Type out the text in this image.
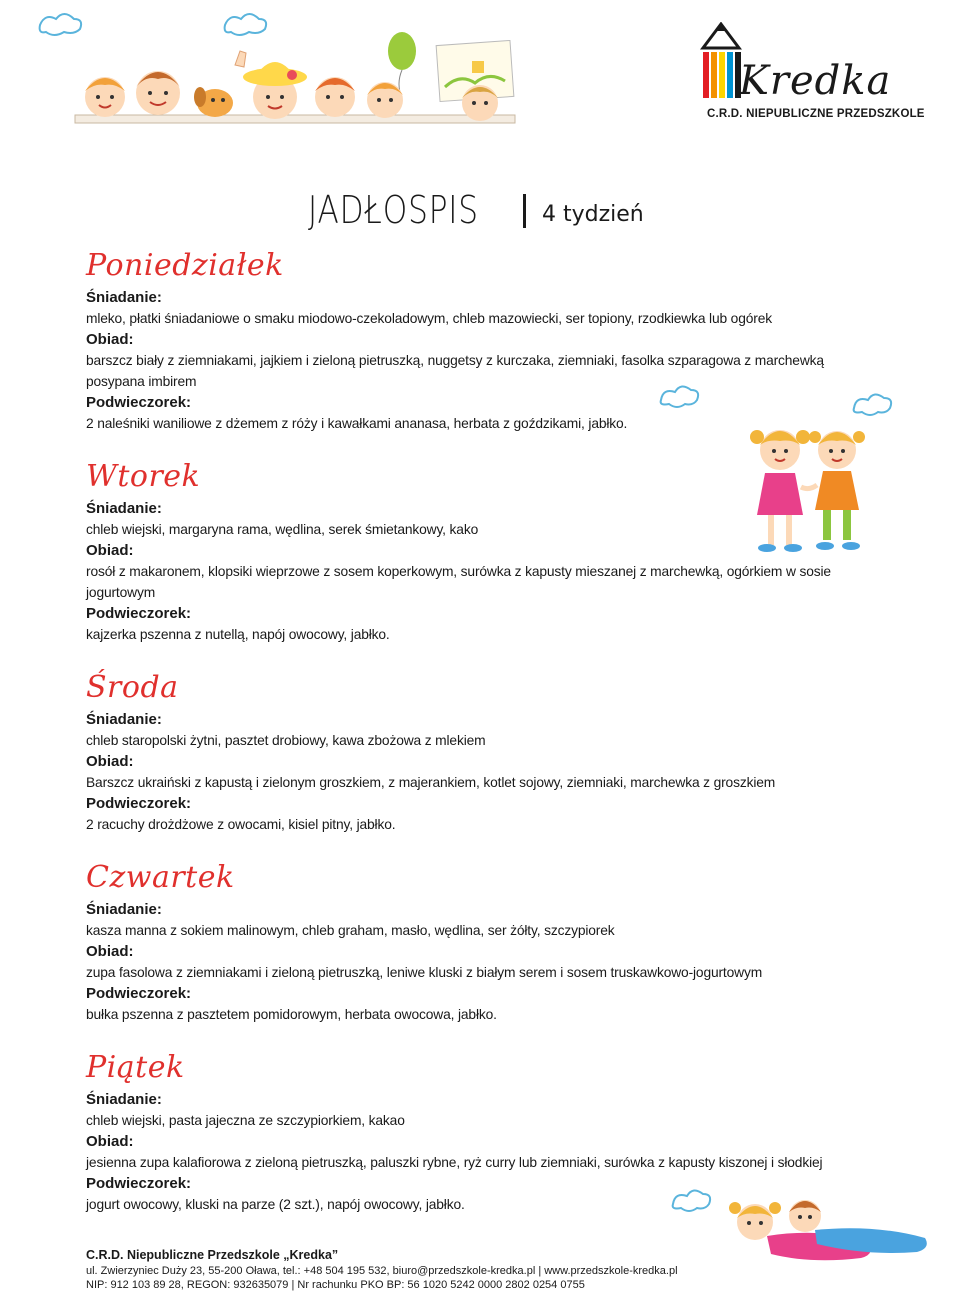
Kredka
C.R.D. NIEPUBLICZNE PRZEDSZKOLE
JADŁOSPIS	4 tydzień
Poniedziałek
Śniadanie:
mleko, płatki śniadaniowe o smaku miodowo-czekoladowym, chleb mazowiecki, ser topiony, rzodkiewka lub ogórek
Obiad:
barszcz biały z ziemniakami, jajkiem i zieloną pietruszką, nuggetsy z kurczaka, ziemniaki, fasolka szparagowa z marchewką posypana imbirem
Podwieczorek:
2 naleśniki waniliowe z dżemem z róży i kawałkami ananasa, herbata z goździkami, jabłko.
Wtorek
Śniadanie:
chleb wiejski, margaryna rama, wędlina, serek śmietankowy, kako
Obiad:
rosół z makaronem, klopsiki wieprzowe z sosem koperkowym, surówka z kapusty mieszanej z marchewką, ogórkiem w sosie jogurtowym
Podwieczorek:
kajzerka pszenna z nutellą, napój owocowy, jabłko.
Środa
Śniadanie:
chleb staropolski żytni, pasztet drobiowy, kawa zbożowa z mlekiem
Obiad:
Barszcz ukraiński z kapustą i zielonym groszkiem, z majerankiem, kotlet sojowy, ziemniaki, marchewka z groszkiem
Podwieczorek:
2 racuchy drożdżowe z owocami, kisiel pitny, jabłko.
Czwartek
Śniadanie:
kasza manna z sokiem malinowym, chleb graham, masło, wędlina, ser żółty, szczypiorek
Obiad:
zupa fasolowa z ziemniakami i zieloną pietruszką, leniwe kluski z białym serem i sosem truskawkowo-jogurtowym
Podwieczorek:
bułka pszenna z pasztetem pomidorowym, herbata owocowa, jabłko.
Piątek
Śniadanie:
chleb wiejski, pasta jajeczna ze szczypiorkiem, kakao
Obiad:
jesienna zupa kalafiorowa z zieloną pietruszką, paluszki rybne, ryż curry lub ziemniaki, surówka z kapusty kiszonej i słodkiej
Podwieczorek:
jogurt owocowy, kluski na parze (2 szt.), napój owocowy, jabłko.
C.R.D. Niepubliczne Przedszkole „Kredka”
ul. Zwierzyniec Duży 23, 55-200 Oława, tel.: +48 504 195 532, biuro@przedszkole-kredka.pl | www.przedszkole-kredka.pl
NIP: 912 103 89 28, REGON: 932635079 | Nr rachunku PKO BP: 56 1020 5242 0000 2802 0254 0755
